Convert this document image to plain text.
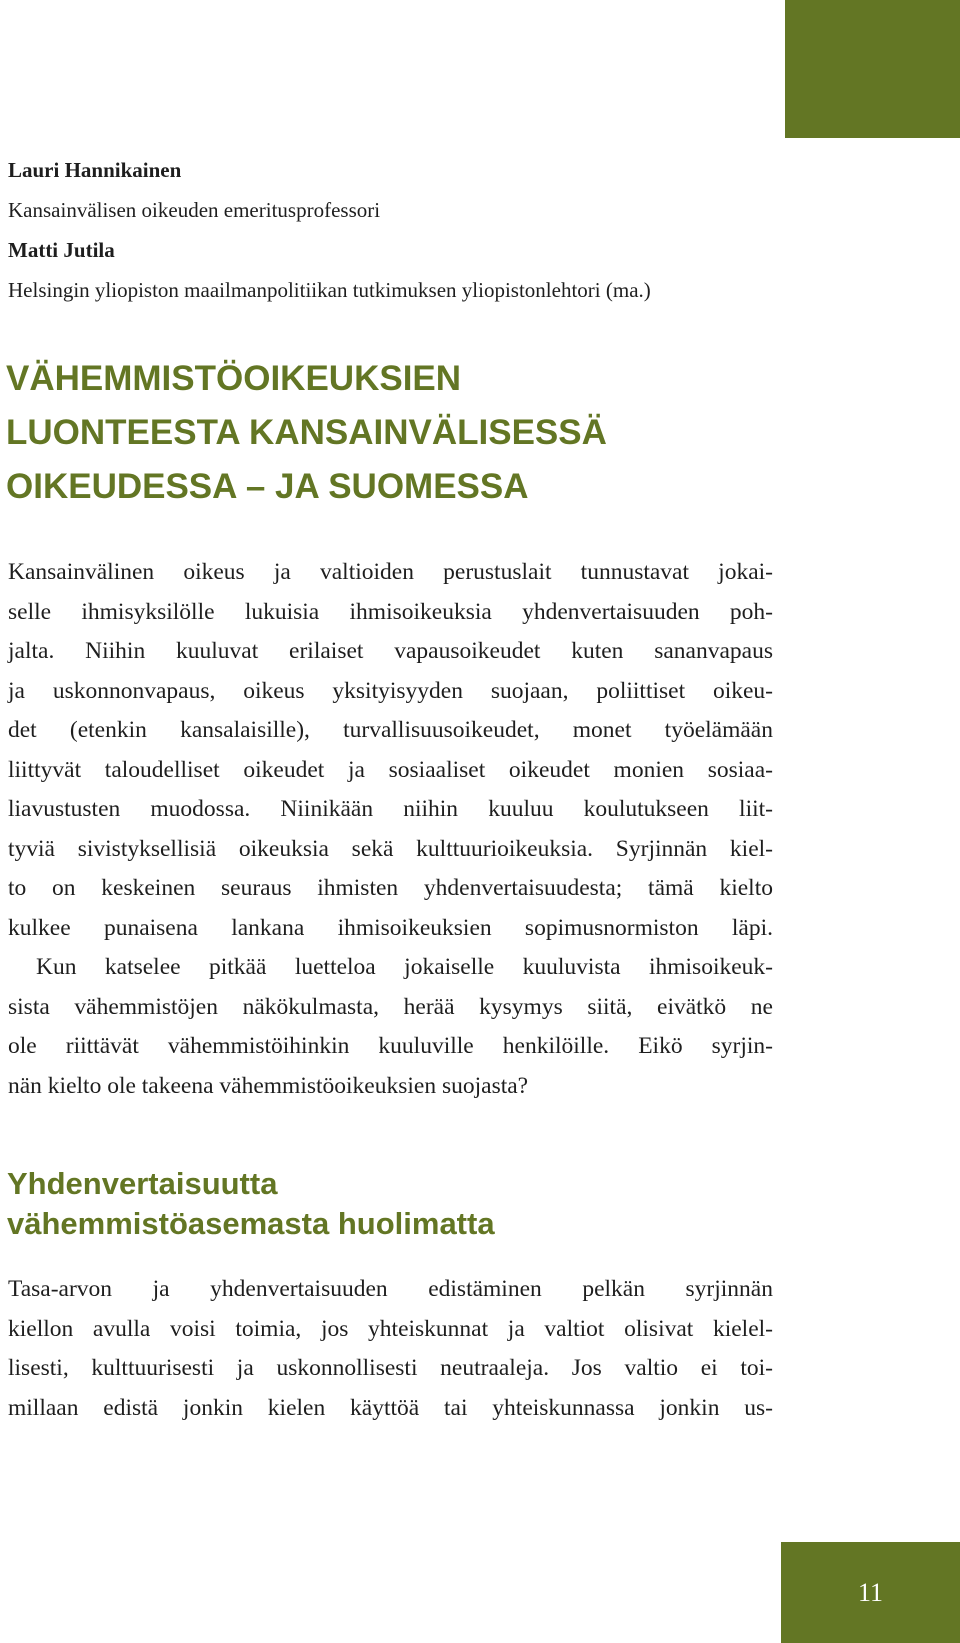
Lauri Hannikainen
Kansainvälisen oikeuden emeritusprofessori
Matti Jutila
Helsingin yliopiston maailmanpolitiikan tutkimuksen yliopistonlehtori (ma.)
VÄHEMMISTÖOIKEUKSIEN
LUONTEESTA KANSAINVÄLISESSÄ
OIKEUDESSA – JA SUOMESSA

Kansainvälinen oikeus ja valtioiden perustuslait tunnustavat jokai-
selle ihmisyksilölle lukuisia ihmisoikeuksia yhdenvertaisuuden poh-
jalta. Niihin kuuluvat erilaiset vapausoikeudet kuten sananvapaus
ja uskonnonvapaus, oikeus yksityisyyden suojaan, poliittiset oikeu-
det (etenkin kansalaisille), turvallisuusoikeudet, monet työelämään
liittyvät taloudelliset oikeudet ja sosiaaliset oikeudet monien sosiaa-
liavustusten muodossa. Niinikään niihin kuuluu koulutukseen liit-
tyviä sivistyksellisiä oikeuksia sekä kulttuurioikeuksia. Syrjinnän kiel-
to on keskeinen seuraus ihmisten yhdenvertaisuudesta; tämä kielto
kulkee punaisena lankana ihmisoikeuksien sopimusnormiston läpi.

Kun katselee pitkää luetteloa jokaiselle kuuluvista ihmisoikeuk-
sista vähemmistöjen näkökulmasta, herää kysymys siitä, eivätkö ne
ole riittävät vähemmistöihinkin kuuluville henkilöille. Eikö syrjin-
nän kielto ole takeena vähemmistöoikeuksien suojasta?

Yhdenvertaisuutta
vähemmistöasemasta huolimatta

Tasa-arvon ja yhdenvertaisuuden edistäminen pelkän syrjinnän
kiellon avulla voisi toimia, jos yhteiskunnat ja valtiot olisivat kielel-
lisesti, kulttuurisesti ja uskonnollisesti neutraaleja. Jos valtio ei toi-
millaan edistä jonkin kielen käyttöä tai yhteiskunnassa jonkin us-

11
